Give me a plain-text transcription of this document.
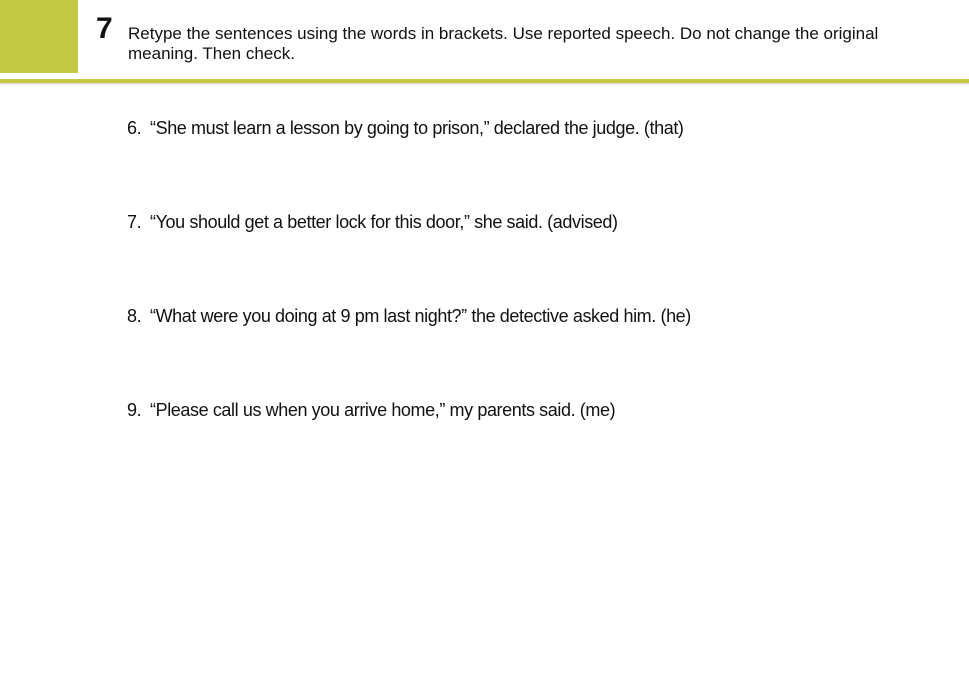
7 Retype the sentences using the words in brackets. Use reported speech. Do not change the original meaning. Then check.
6. “She must learn a lesson by going to prison,” declared the judge. (that)
7. “You should get a better lock for this door,” she said. (advised)
8. “What were you doing at 9 pm last night?” the detective asked him. (he)
9. “Please call us when you arrive home,” my parents said. (me)
